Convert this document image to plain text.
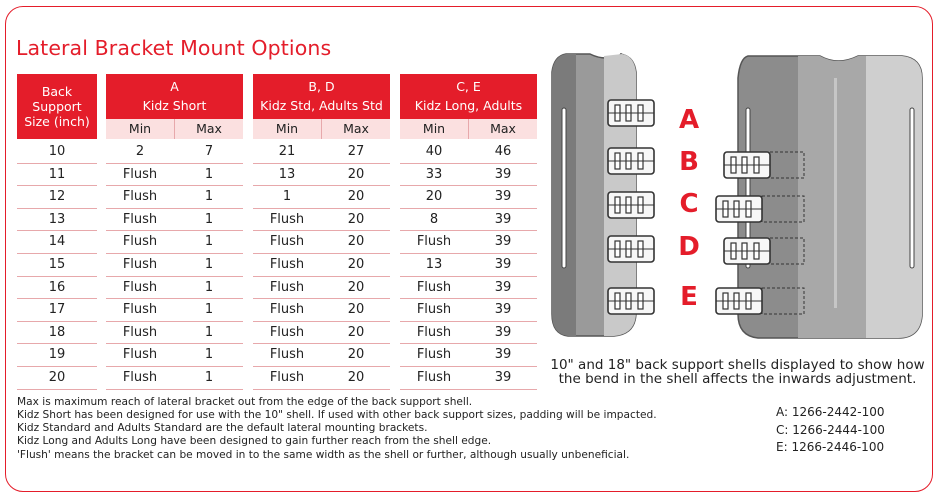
Lateral Bracket Mount Options
Back Support Size (inch)
A
Kidz Short
B, D
Kidz Std, Adults Std
C, E
Kidz Long, Adults
Min	Max	Min	Max	Min	Max
10	2	7	21	27	40	46
11	Flush	1	13	20	33	39
12	Flush	1	1	20	20	39
13	Flush	1	Flush	20	8	39
14	Flush	1	Flush	20	Flush	39
15	Flush	1	Flush	20	13	39
16	Flush	1	Flush	20	Flush	39
17	Flush	1	Flush	20	Flush	39
18	Flush	1	Flush	20	Flush	39
19	Flush	1	Flush	20	Flush	39
20	Flush	1	Flush	20	Flush	39
A
B
C
D
E
10" and 18" back support shells displayed to show how
the bend in the shell affects the inwards adjustment.
Max is maximum reach of lateral bracket out from the edge of the back support shell.
Kidz Short has been designed for use with the 10" shell. If used with other back support sizes, padding will be impacted.
Kidz Standard and Adults Standard are the default lateral mounting brackets.
Kidz Long and Adults Long have been designed to gain further reach from the shell edge.
'Flush' means the bracket can be moved in to the same width as the shell or further, although usually unbeneficial.
A: 1266-2442-100
C: 1266-2444-100
E: 1266-2446-100
